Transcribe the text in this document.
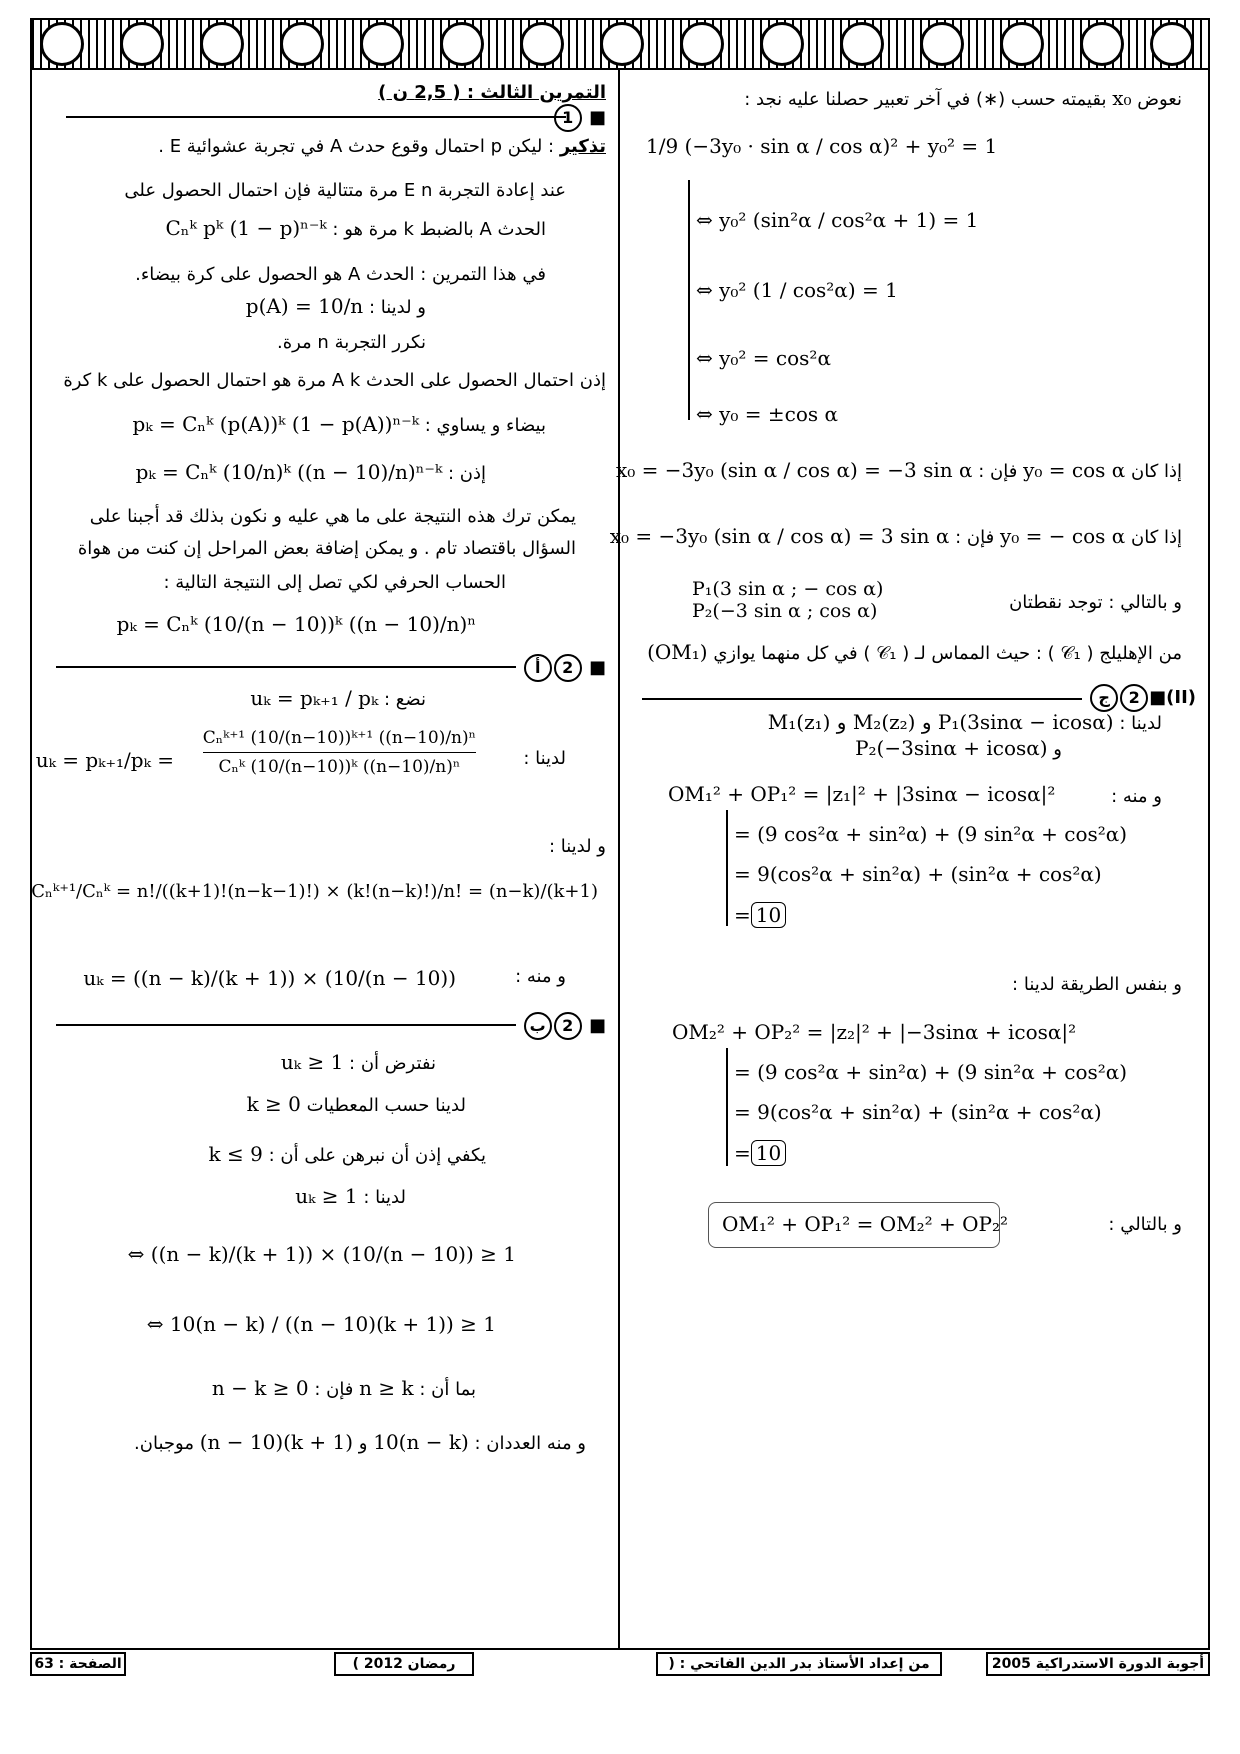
التمرين الثالث : ( 2,5 ن )
1 ■
تذكير : ليكن p احتمال وقوع حدث A في تجربة عشوائية E .
عند إعادة التجربة E n مرة متتالية فإن احتمال الحصول على
الحدث A بالضبط k مرة هو : Cₙᵏ pᵏ (1 − p)ⁿ⁻ᵏ
في هذا التمرين : الحدث A هو الحصول على كرة بيضاء.
و لدينا : p(A) = 10/n
نكرر التجربة n مرة.
إذن احتمال الحصول على الحدث A k مرة هو احتمال الحصول على k كرة
بيضاء و يساوي : pₖ = Cₙᵏ (p(A))ᵏ (1 − p(A))ⁿ⁻ᵏ
إذن : pₖ = Cₙᵏ (10/n)ᵏ ((n − 10)/n)ⁿ⁻ᵏ
يمكن ترك هذه النتيجة على ما هي عليه و نكون بذلك قد أجبنا على
السؤال باقتصاد تام . و يمكن إضافة بعض المراحل إن كنت من هواة
الحساب الحرفي لكي تصل إلى النتيجة التالية :
pₖ = Cₙᵏ (10/(n − 10))ᵏ ((n − 10)/n)ⁿ
أ 2 ■
نضع : uₖ = pₖ₊₁ / pₖ
لدينا :
Cₙᵏ⁺¹ (10/(n−10))ᵏ⁺¹ ((n−10)/n)ⁿ
Cₙᵏ (10/(n−10))ᵏ ((n−10)/n)ⁿ
uₖ = pₖ₊₁/pₖ =
و لدينا :
Cₙᵏ⁺¹/Cₙᵏ = n!/((k+1)!(n−k−1)!) × (k!(n−k)!)/n! = (n−k)/(k+1)
و منه :
uₖ = ((n − k)/(k + 1)) × (10/(n − 10))
ب 2 ■
نفترض أن : uₖ ≥ 1
لدينا حسب المعطيات k ≥ 0
يكفي إذن أن نبرهن على أن : k ≤ 9
لدينا : uₖ ≥ 1
⇔ ((n − k)/(k + 1)) × (10/(n − 10)) ≥ 1
⇔ 10(n − k) / ((n − 10)(k + 1)) ≥ 1
بما أن : n ≥ k فإن : n − k ≥ 0
و منه العددان : 10(n − k) و (n − 10)(k + 1) موجبان.
نعوض x₀ بقيمته حسب (∗) في آخر تعبير حصلنا عليه نجد :
1/9 (−3y₀ · sin α / cos α)² + y₀² = 1
⇔ y₀² (sin²α / cos²α + 1) = 1
⇔ y₀² (1 / cos²α) = 1
⇔ y₀² = cos²α
⇔ y₀ = ±cos α
إذا كان y₀ = cos α فإن : x₀ = −3y₀ (sin α / cos α) = −3 sin α
إذا كان y₀ = − cos α فإن : x₀ = −3y₀ (sin α / cos α) = 3 sin α
و بالتالي : توجد نقطتان
P₁(3 sin α ; − cos α)
P₂(−3 sin α ; cos α)
من الإهليلج ( 𝒞₁ ) : حيث المماس لـ ( 𝒞₁ ) في كل منهما يوازي (OM₁)
ج 2 ■(II)
لدينا : M₁(z₁) و M₂(z₂) و P₁(3sinα − icosα)
و P₂(−3sinα + icosα)
و منه :
OM₁² + OP₁² = |z₁|² + |3sinα − icosα|²
= (9 cos²α + sin²α) + (9 sin²α + cos²α)
= 9(cos²α + sin²α) + (sin²α + cos²α)
= 10
و بنفس الطريقة لدينا :
OM₂² + OP₂² = |z₂|² + |−3sinα + icosα|²
= (9 cos²α + sin²α) + (9 sin²α + cos²α)
= 9(cos²α + sin²α) + (sin²α + cos²α)
= 10
OM₁² + OP₁² = OM₂² + OP₂²	و بالتالي :
أجوبة الدورة الاستدراكية 2005
من إعداد الأستاذ بدر الدين الفاتحي : (
رمضان 2012 )
الصفحة : 63
